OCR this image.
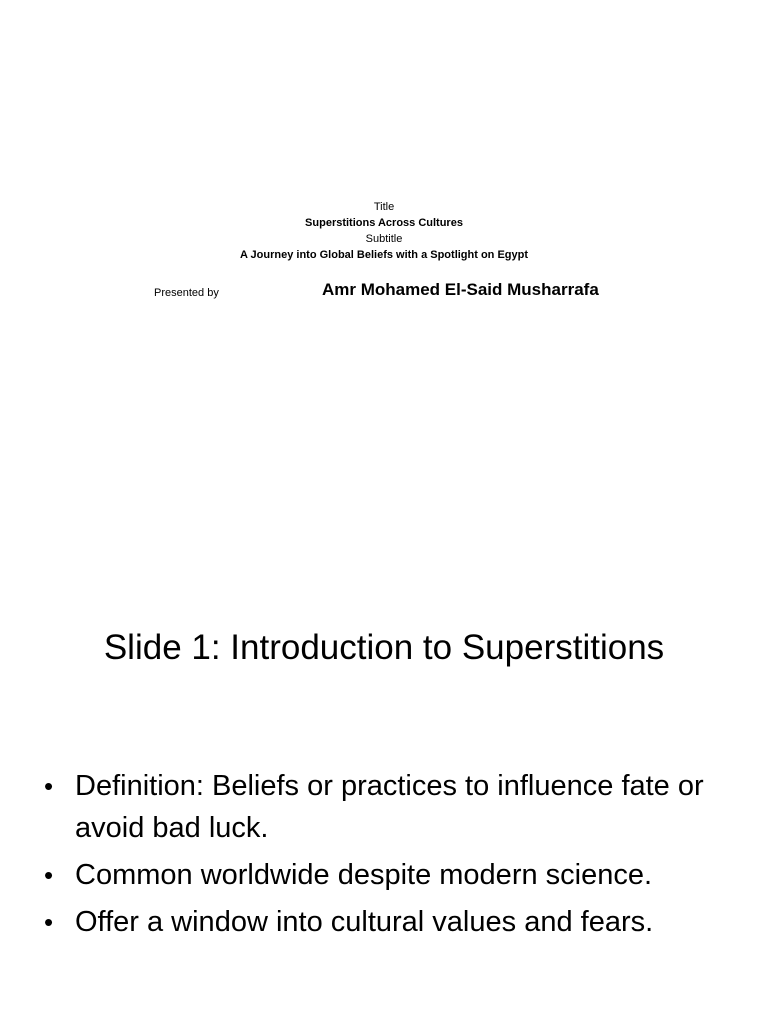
Title
Superstitions Across Cultures
Subtitle
A Journey into Global Beliefs with a Spotlight on Egypt
Presented by	Amr Mohamed El-Said Musharrafa
Slide 1: Introduction to Superstitions
• Definition: Beliefs or practices to influence fate or avoid bad luck.
• Common worldwide despite modern science.
• Offer a window into cultural values and fears.
